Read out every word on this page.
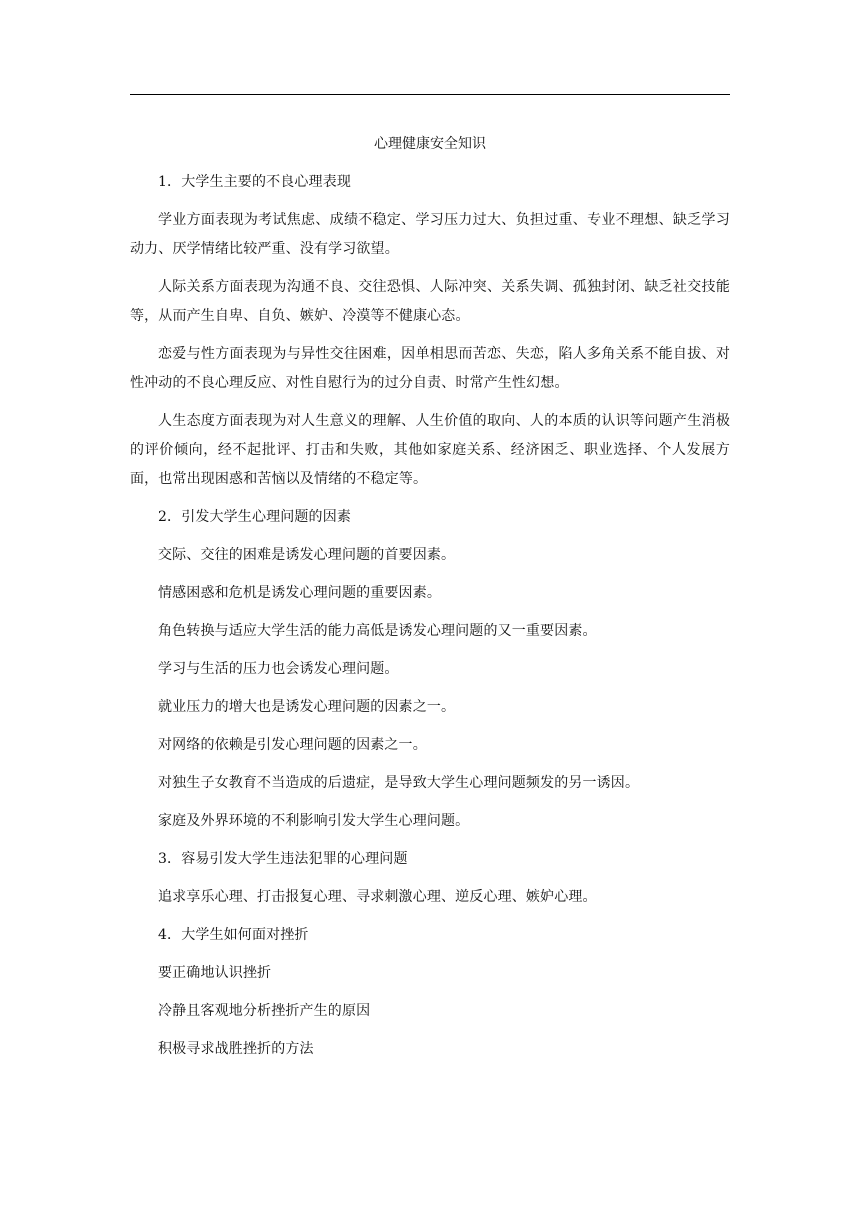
心理健康安全知识

1．大学生主要的不良心理表现

学业方面表现为考试焦虑、成绩不稳定、学习压力过大、负担过重、专业不理想、缺乏学习动力、厌学情绪比较严重、没有学习欲望。

人际关系方面表现为沟通不良、交往恐惧、人际冲突、关系失调、孤独封闭、缺乏社交技能等，从而产生自卑、自负、嫉妒、冷漠等不健康心态。

恋爱与性方面表现为与异性交往困难，因单相思而苦恋、失恋，陷人多角关系不能自拔、对性冲动的不良心理反应、对性自慰行为的过分自责、时常产生性幻想。

人生态度方面表现为对人生意义的理解、人生价值的取向、人的本质的认识等问题产生消极的评价倾向，经不起批评、打击和失败，其他如家庭关系、经济困乏、职业选择、个人发展方面，也常出现困惑和苦恼以及情绪的不稳定等。

2．引发大学生心理问题的因素

交际、交往的困难是诱发心理问题的首要因素。

情感困惑和危机是诱发心理问题的重要因素。

角色转换与适应大学生活的能力高低是诱发心理问题的又一重要因素。

学习与生活的压力也会诱发心理问题。

就业压力的增大也是诱发心理问题的因素之一。

对网络的依赖是引发心理问题的因素之一。

对独生子女教育不当造成的后遗症，是导致大学生心理问题频发的另一诱因。

家庭及外界环境的不利影响引发大学生心理问题。

3．容易引发大学生违法犯罪的心理问题

追求享乐心理、打击报复心理、寻求刺激心理、逆反心理、嫉妒心理。

4．大学生如何面对挫折

要正确地认识挫折

冷静且客观地分析挫折产生的原因

积极寻求战胜挫折的方法
